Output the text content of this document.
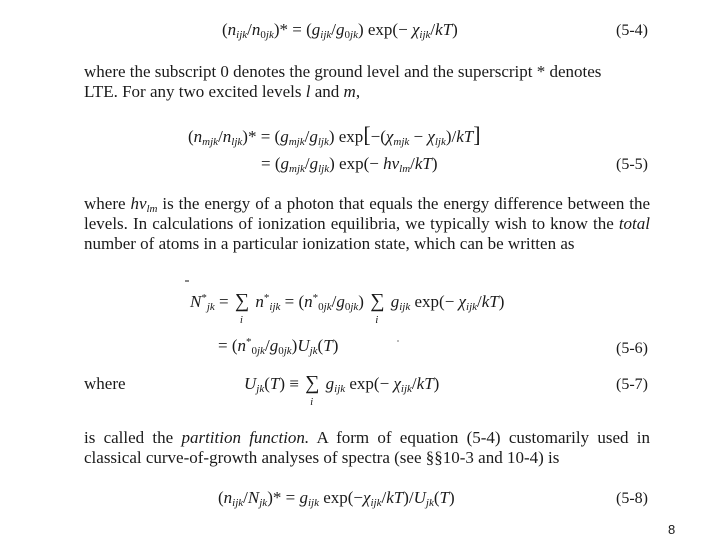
$(n_{ijk}/n_{0jk})* = (g_{ijk}/g_{0jk})$ $\exp(- \chi_{ijk}/kT)$	(5-4)
where the subscript 0 denotes the ground level and the superscript * denotes
LTE. For any two excited levels l and m,
$(n_{mjk}/n_{ljk})* = (g_{mjk}/g_{ljk}) \exp[-(\chi_{mjk} - \chi_{ljk})/kT]$
= $(g_{mjk}/g_{ljk})$ $\exp(- h\nu_{lm}/kT)$	(5-5)
where $h\nu_{lm}$ is the energy of a photon that equals the energy difference between the levels. In calculations of ionization equilibria, we typically wish to know the total number of atoms in a particular ionization state, which can be written as
$N^*_{jk}$ = ∑
i
$n^*_{ijk} = (n^*_{0jk}/g_{0jk})$ ∑
i
$g_{ijk}$ $\exp(- \chi_{ijk}/kT)$
= $(n^*_{0jk}/g_{0jk})U_{jk}(T)$	(5-6)
where	$U_{jk}(T)$ ≡ ∑
i
$g_{ijk}$ $\exp(- \chi_{ijk}/kT)$	(5-7)
is called the partition function. A form of equation (5-4) customarily used in classical curve-of-growth analyses of spectra (see §§10-3 and 10-4) is
$(n_{ijk}/N_{jk})* = g_{ijk}$ $\exp(-\chi_{ijk}/kT)/U_{jk}(T)$	(5-8)
8
